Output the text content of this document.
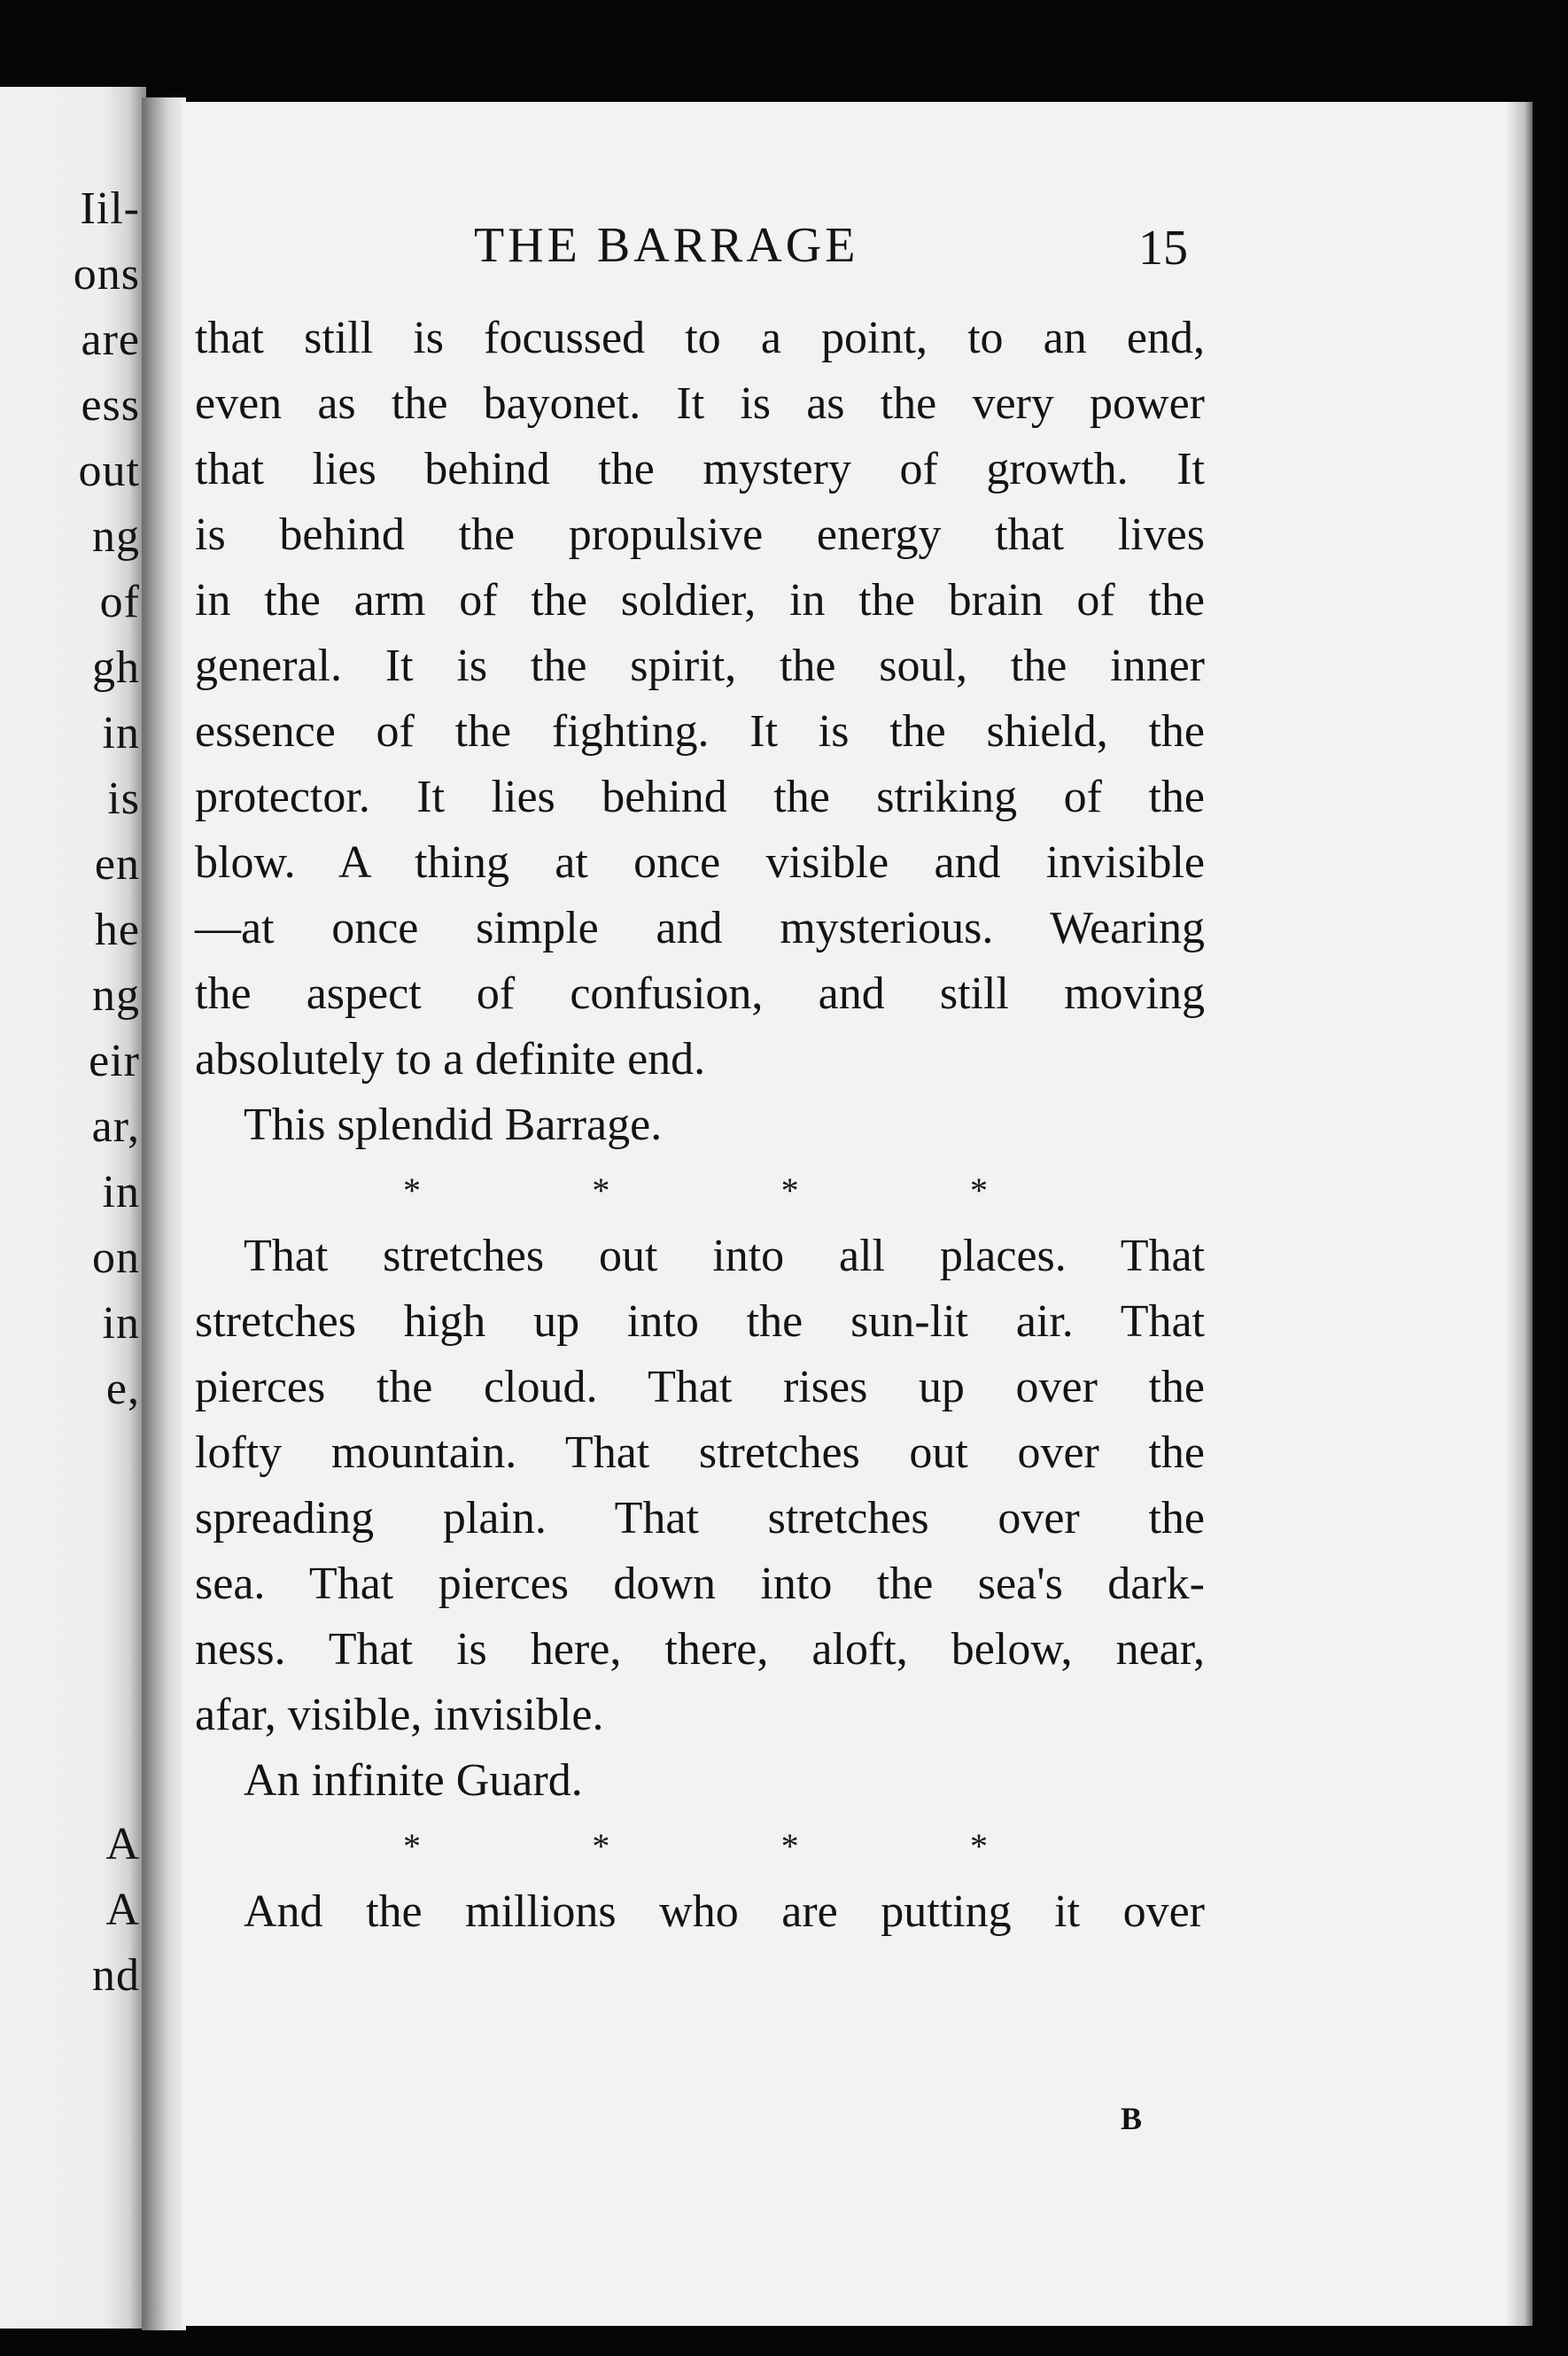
Iil-
ons
are
ess
out
ng
of
gh
in
is
en
he
ng
eir
ar,
in
on
in
e,
A
A
nd
THE BARRAGE	15
that still is focussed to a point, to an end,
even as the bayonet. It is as the very power
that lies behind the mystery of growth. It
is behind the propulsive energy that lives
in the arm of the soldier, in the brain of the
general. It is the spirit, the soul, the inner
essence of the fighting. It is the shield, the
protector. It lies behind the striking of the
blow. A thing at once visible and invisible
—at once simple and mysterious. Wearing
the aspect of confusion, and still moving
absolutely to a definite end.
This splendid Barrage.
*	*	*	*
That stretches out into all places. That
stretches high up into the sun-lit air. That
pierces the cloud. That rises up over the
lofty mountain. That stretches out over the
spreading plain. That stretches over the
sea. That pierces down into the sea's dark-
ness. That is here, there, aloft, below, near,
afar, visible, invisible.
An infinite Guard.
*	*	*	*
And the millions who are putting it over
B
